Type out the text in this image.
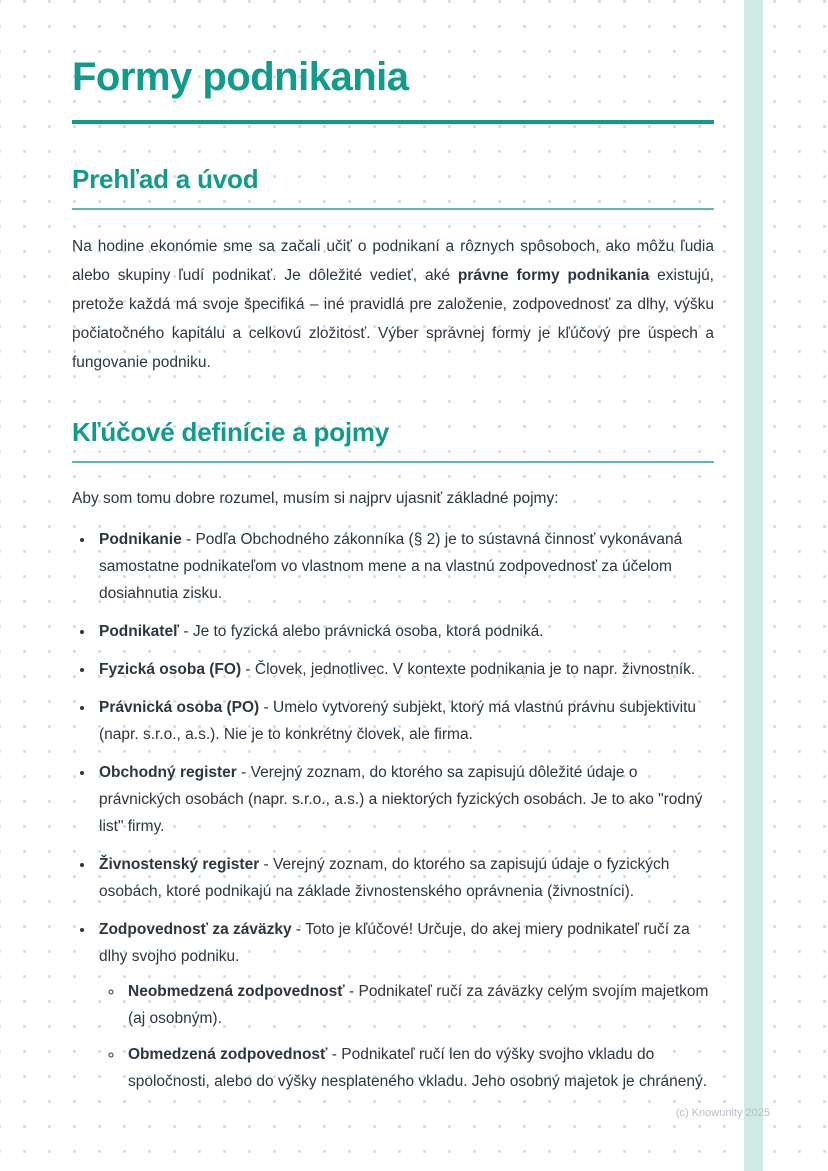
Formy podnikania
Prehľad a úvod

Na hodine ekonómie sme sa začali učiť o podnikaní a rôznych spôsoboch, ako môžu ľudia alebo skupiny ľudí podnikať. Je dôležité vedieť, aké právne formy podnikania existujú, pretože každá má svoje špecifiká – iné pravidlá pre založenie, zodpovednosť za dlhy, výšku počiatočného kapitálu a celkovú zložitosť. Výber správnej formy je kľúčový pre úspech a fungovanie podniku.

Kľúčové definície a pojmy

Aby som tomu dobre rozumel, musím si najprv ujasniť základné pojmy:

• Podnikanie - Podľa Obchodného zákonníka (§ 2) je to sústavná činnosť vykonávaná samostatne podnikateľom vo vlastnom mene a na vlastnú zodpovednosť za účelom dosiahnutia zisku.
• Podnikateľ - Je to fyzická alebo právnická osoba, ktorá podniká.
• Fyzická osoba (FO) - Človek, jednotlivec. V kontexte podnikania je to napr. živnostník.
• Právnická osoba (PO) - Umelo vytvorený subjekt, ktorý má vlastnú právnu subjektivitu (napr. s.r.o., a.s.). Nie je to konkrétny človek, ale firma.
• Obchodný register - Verejný zoznam, do ktorého sa zapisujú dôležité údaje o právnických osobách (napr. s.r.o., a.s.) a niektorých fyzických osobách. Je to ako "rodný list" firmy.
• Živnostenský register - Verejný zoznam, do ktorého sa zapisujú údaje o fyzických osobách, ktoré podnikajú na základe živnostenského oprávnenia (živnostníci).
• Zodpovednosť za záväzky - Toto je kľúčové! Určuje, do akej miery podnikateľ ručí za dlhy svojho podniku.
◦ Neobmedzená zodpovednosť - Podnikateľ ručí za záväzky celým svojím majetkom (aj osobným).
◦ Obmedzená zodpovednosť - Podnikateľ ručí len do výšky svojho vkladu do spoločnosti, alebo do výšky nesplateného vkladu. Jeho osobný majetok je chránený.
(c) Knowunity 2025
